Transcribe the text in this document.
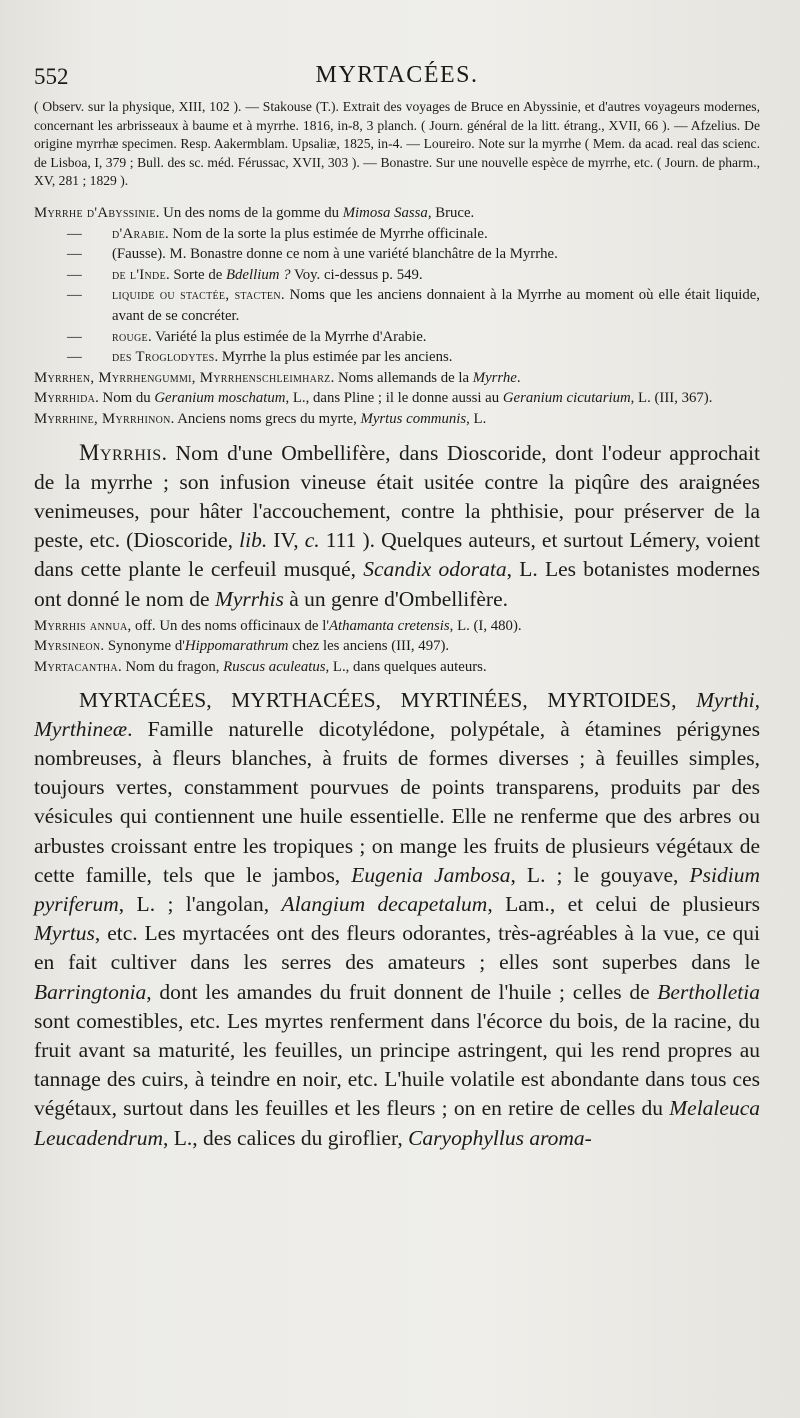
552	MYRTACÉES.

( Observ. sur la physique, XIII, 102 ). — Stakouse (T.). Extrait des voyages de Bruce en Abyssinie, et d'autres voyageurs modernes, concernant les arbrisseaux à baume et à myrrhe. 1816, in-8, 3 planch. ( Journ. général de la litt. étrang., XVII, 66 ). — Afzelius. De origine myrrhæ specimen. Resp. Aakermblam. Upsaliæ, 1825, in-4. — Loureiro. Note sur la myrrhe ( Mem. da acad. real das scienc. de Lisboa, I, 379 ; Bull. des sc. méd. Férussac, XVII, 303 ). — Bonastre. Sur une nouvelle espèce de myrrhe, etc. ( Journ. de pharm., XV, 281 ; 1829 ).

Myrrhe d'Abyssinie. Un des noms de la gomme du Mimosa Sassa, Bruce.

— d'Arabie. Nom de la sorte la plus estimée de Myrrhe officinale.

— (Fausse). M. Bonastre donne ce nom à une variété blanchâtre de la Myrrhe.

— de l'Inde. Sorte de Bdellium ? Voy. ci-dessus p. 549.

— liquide ou stactée, stacten. Noms que les anciens donnaient à la Myrrhe au moment où elle était liquide, avant de se concréter.

— rouge. Variété la plus estimée de la Myrrhe d'Arabie.

— des Troglodytes. Myrrhe la plus estimée par les anciens.

Myrrhen, Myrrhengummi, Myrrhenschleimharz. Noms allemands de la Myrrhe.

Myrrhida. Nom du Geranium moschatum, L., dans Pline ; il le donne aussi au Geranium cicutarium, L. (III, 367).

Myrrhine, Myrrhinon. Anciens noms grecs du myrte, Myrtus communis, L.

Myrrhis. Nom d'une Ombellifère, dans Dioscoride, dont l'odeur approchait de la myrrhe ; son infusion vineuse était usitée contre la piqûre des araignées venimeuses, pour hâter l'accouchement, contre la phthisie, pour préserver de la peste, etc. (Dioscoride, lib. IV, c. 111 ). Quelques auteurs, et surtout Lémery, voient dans cette plante le cerfeuil musqué, Scandix odorata, L. Les botanistes modernes ont donné le nom de Myrrhis à un genre d'Ombellifère.

Myrrhis annua, off. Un des noms officinaux de l'Athamanta cretensis, L. (I, 480).

Myrsineon. Synonyme d'Hippomarathrum chez les anciens (III, 497).

Myrtacantha. Nom du fragon, Ruscus aculeatus, L., dans quelques auteurs.

MYRTACÉES, MYRTHACÉES, MYRTINÉES, MYRTOIDES, Myrthi, Myrthineæ. Famille naturelle dicotylédone, polypétale, à étamines périgynes nombreuses, à fleurs blanches, à fruits de formes diverses ; à feuilles simples, toujours vertes, constamment pourvues de points transparens, produits par des vésicules qui contiennent une huile essentielle. Elle ne renferme que des arbres ou arbustes croissant entre les tropiques ; on mange les fruits de plusieurs végétaux de cette famille, tels que le jambos, Eugenia Jambosa, L. ; le gouyave, Psidium pyriferum, L. ; l'angolan, Alangium decapetalum, Lam., et celui de plusieurs Myrtus, etc. Les myrtacées ont des fleurs odorantes, très-agréables à la vue, ce qui en fait cultiver dans les serres des amateurs ; elles sont superbes dans le Barringtonia, dont les amandes du fruit donnent de l'huile ; celles de Bertholletia sont comestibles, etc. Les myrtes renferment dans l'écorce du bois, de la racine, du fruit avant sa maturité, les feuilles, un principe astringent, qui les rend propres au tannage des cuirs, à teindre en noir, etc. L'huile volatile est abondante dans tous ces végétaux, surtout dans les feuilles et les fleurs ; on en retire de celles du Melaleuca Leucadendrum, L., des calices du giroflier, Caryophyllus aroma-
